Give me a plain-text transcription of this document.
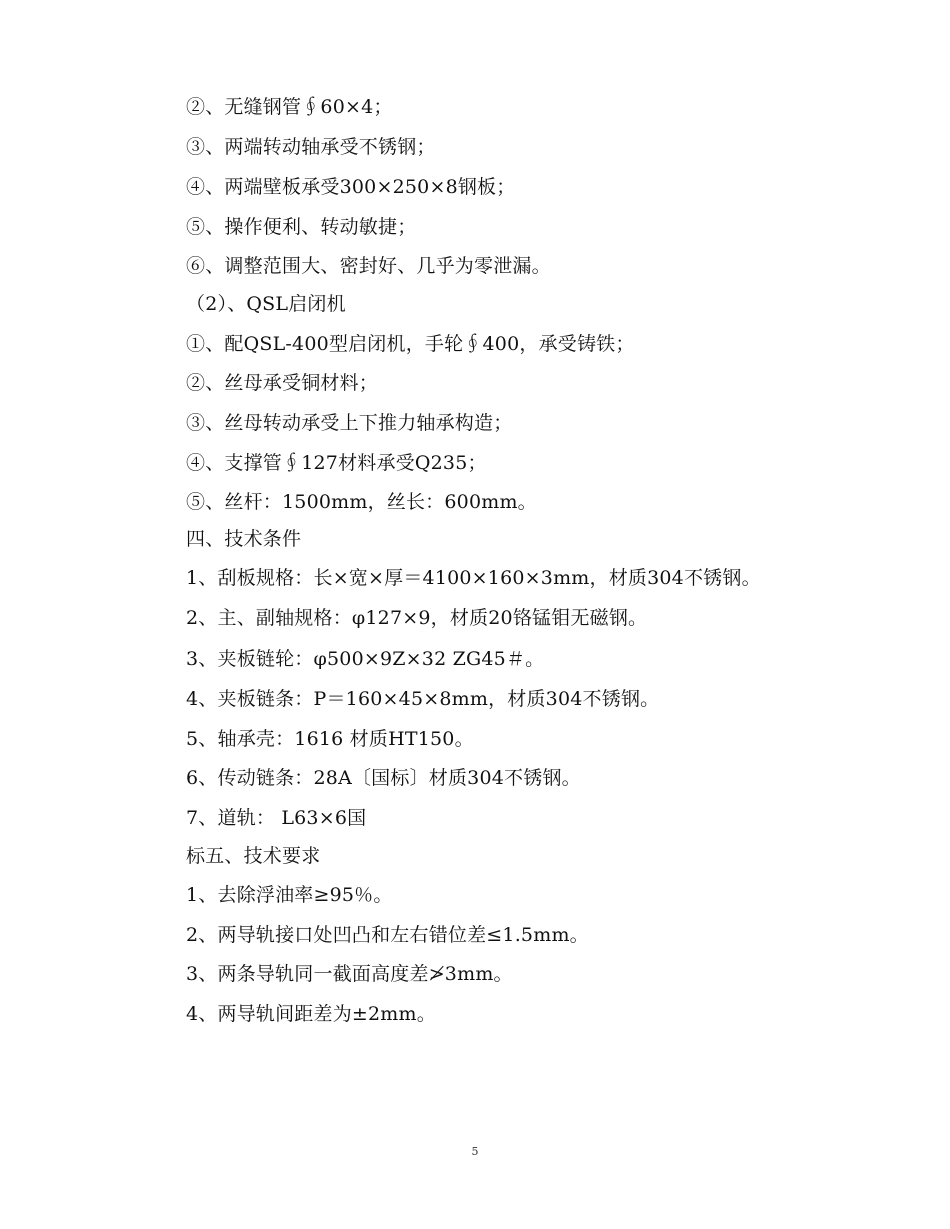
②、无缝钢管∮60×4；
③、两端转动轴承受不锈钢；
④、两端壁板承受300×250×8钢板；
⑤、操作便利、转动敏捷；
⑥、调整范围大、密封好、几乎为零泄漏。
（2）、QSL启闭机
①、配QSL-400型启闭机，手轮∮400，承受铸铁；
②、丝母承受铜材料；
③、丝母转动承受上下推力轴承构造；
④、支撑管∮127材料承受Q235；
⑤、丝杆：1500mm，丝长：600mm。
四、技术条件
1、刮板规格：长×宽×厚＝4100×160×3mm，材质304不锈钢。
2、主、副轴规格：φ127×9，材质20铬锰钼无磁钢。
3、夹板链轮：φ500×9Z×32 ZG45＃。
4、夹板链条：P＝160×45×8mm，材质304不锈钢。
5、轴承壳：1616 材质HT150。
6、传动链条：28A〔国标〕材质304不锈钢。
7、道轨： L63×6国
标五、技术要求
1、去除浮油率≥95％。
2、两导轨接口处凹凸和左右错位差≤1.5mm。
3、两条导轨同一截面高度差≯3mm。
4、两导轨间距差为±2mm。
5
